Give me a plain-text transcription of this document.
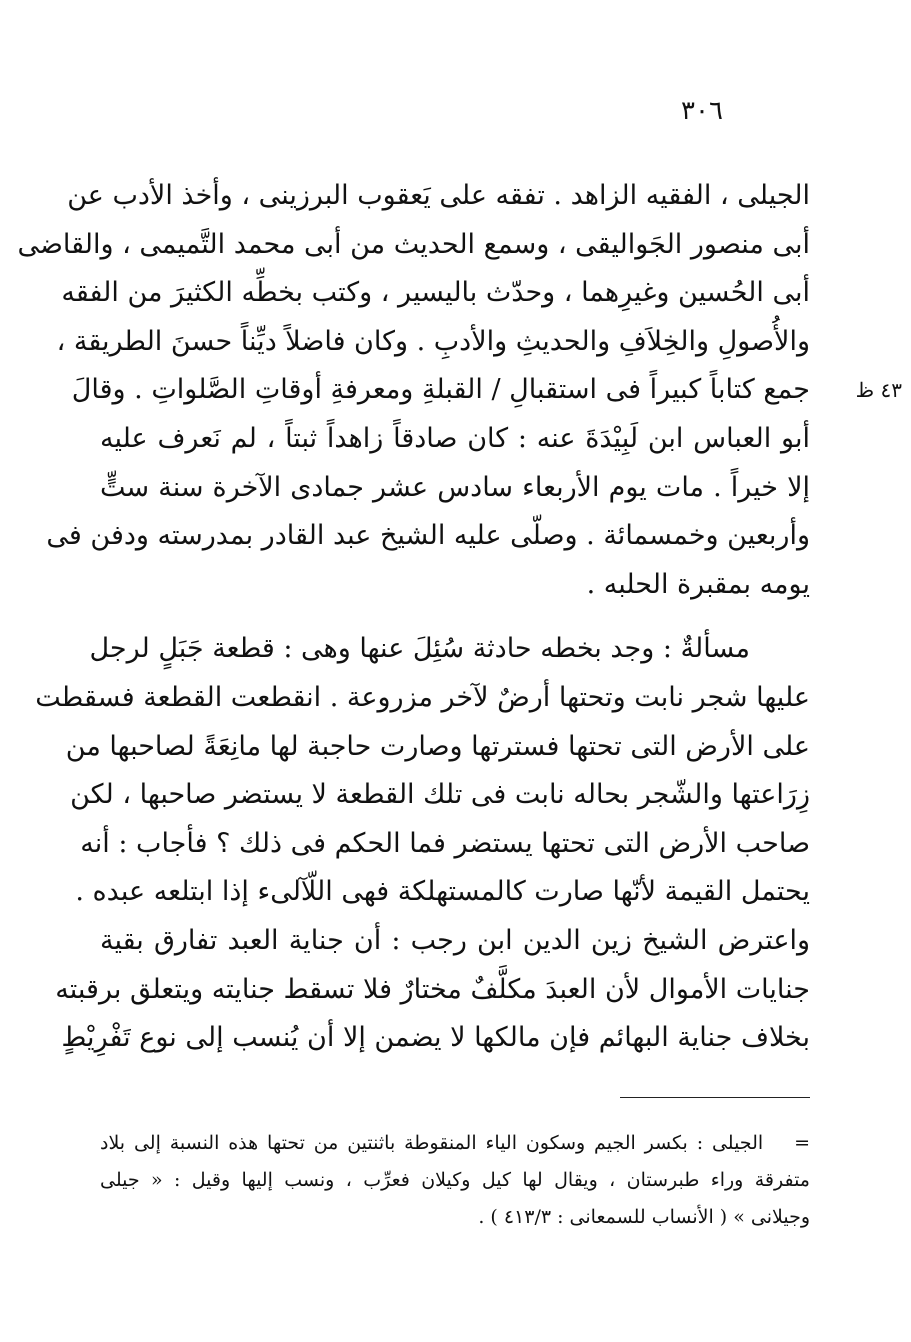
٣٠٦
٤٣ ظ
الجيلى ، الفقيه الزاهد . تفقه على يَعقوب البرزينى ، وأخذ الأدب عن
أبى منصور الجَواليقى ، وسمع الحديث من أبى محمد التَّميمى ، والقاضى
أبى الحُسين وغيرِهما ، وحدّث باليسير ، وكتب بخطِّه الكثيرَ من الفقه
والأُصولِ والخِلاَفِ والحديثِ والأدبِ . وكان فاضلاً ديِّناً حسنَ الطريقة ،
جمع كتاباً كبيراً فى استقبالِ / القبلةِ ومعرفةِ أوقاتِ الصَّلواتِ . وقالَ
أبو العباس ابن لَبِيْدَةَ عنه : كان صادقاً زاهداً ثبتاً ، لم نَعرف عليه
إلا خيراً . مات يوم الأربعاء سادس عشر جمادى الآخرة سنة ستٍّ
وأربعين وخمسمائة . وصلّى عليه الشيخ عبد القادر بمدرسته ودفن فى
يومه بمقبرة الحلبه .
مسألةٌ : وجد بخطه حادثة سُئِلَ عنها وهى : قطعة جَبَلٍ لرجل
عليها شجر نابت وتحتها أرضٌ لآخر مزروعة . انقطعت القطعة فسقطت
على الأرض التى تحتها فسترتها وصارت حاجبة لها مانِعَةً لصاحبها من
زِرَاعتها والشّجر بحاله نابت فى تلك القطعة لا يستضر صاحبها ، لكن
صاحب الأرض التى تحتها يستضر فما الحكم فى ذلك ؟ فأجاب : أنه
يحتمل القيمة لأنّها صارت كالمستهلكة فهى اللّآلىء إذا ابتلعه عبده .
واعترض الشيخ زين الدين ابن رجب : أن جناية العبد تفارق بقية
جنايات الأموال لأن العبدَ مكلَّفٌ مختارٌ فلا تسقط جنايته ويتعلق برقبته
بخلاف جناية البهائم فإن مالكها لا يضمن إلا أن يُنسب إلى نوع تَفْرِيْطٍ
= الجيلى : بكسر الجيم وسكون الياء المنقوطة باثنتين من تحتها هذه النسبة إلى بلاد
متفرقة وراء طبرستان ، ويقال لها كيل وكيلان فعرِّب ، ونسب إليها وقيل : « جيلى
وجيلانى » ( الأنساب للسمعانى : ٤١٣/٣ ) .
